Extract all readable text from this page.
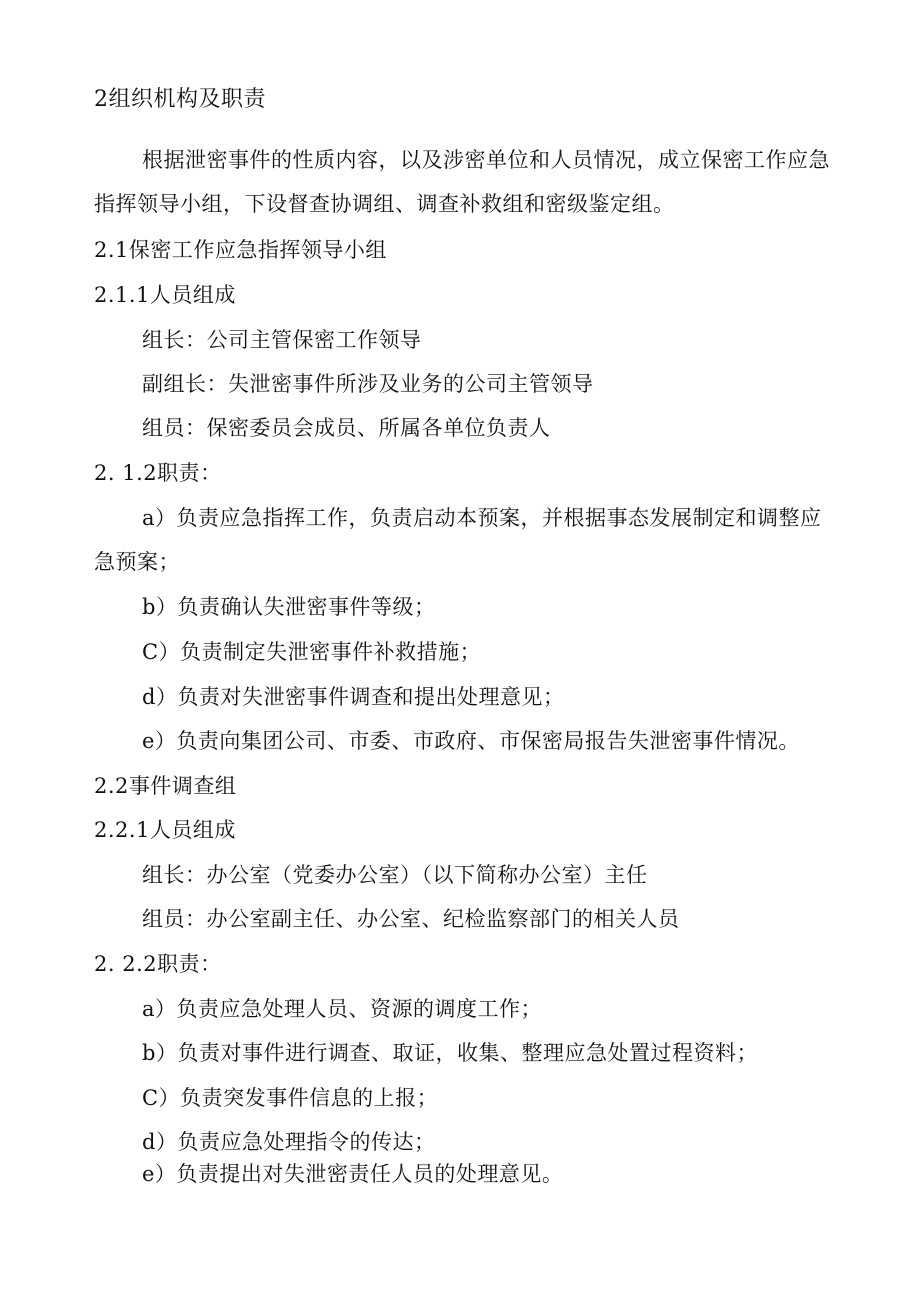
2组织机构及职责
根据泄密事件的性质内容，以及涉密单位和人员情况，成立保密工作应急
指挥领导小组，下设督查协调组、调查补救组和密级鉴定组。
2.1保密工作应急指挥领导小组
2.1.1人员组成
组长：公司主管保密工作领导
副组长：失泄密事件所涉及业务的公司主管领导
组员：保密委员会成员、所属各单位负责人
2. 1.2职责：
a）负责应急指挥工作，负责启动本预案，并根据事态发展制定和调整应
急预案；
b）负责确认失泄密事件等级；
C）负责制定失泄密事件补救措施；
d）负责对失泄密事件调查和提出处理意见；
e）负责向集团公司、市委、市政府、市保密局报告失泄密事件情况。
2.2事件调查组
2.2.1人员组成
组长：办公室（党委办公室）（以下简称办公室）主任
组员：办公室副主任、办公室、纪检监察部门的相关人员
2. 2.2职责：
a）负责应急处理人员、资源的调度工作；
b）负责对事件进行调查、取证，收集、整理应急处置过程资料；
C）负责突发事件信息的上报；
d）负责应急处理指令的传达；
e）负责提出对失泄密责任人员的处理意见。
